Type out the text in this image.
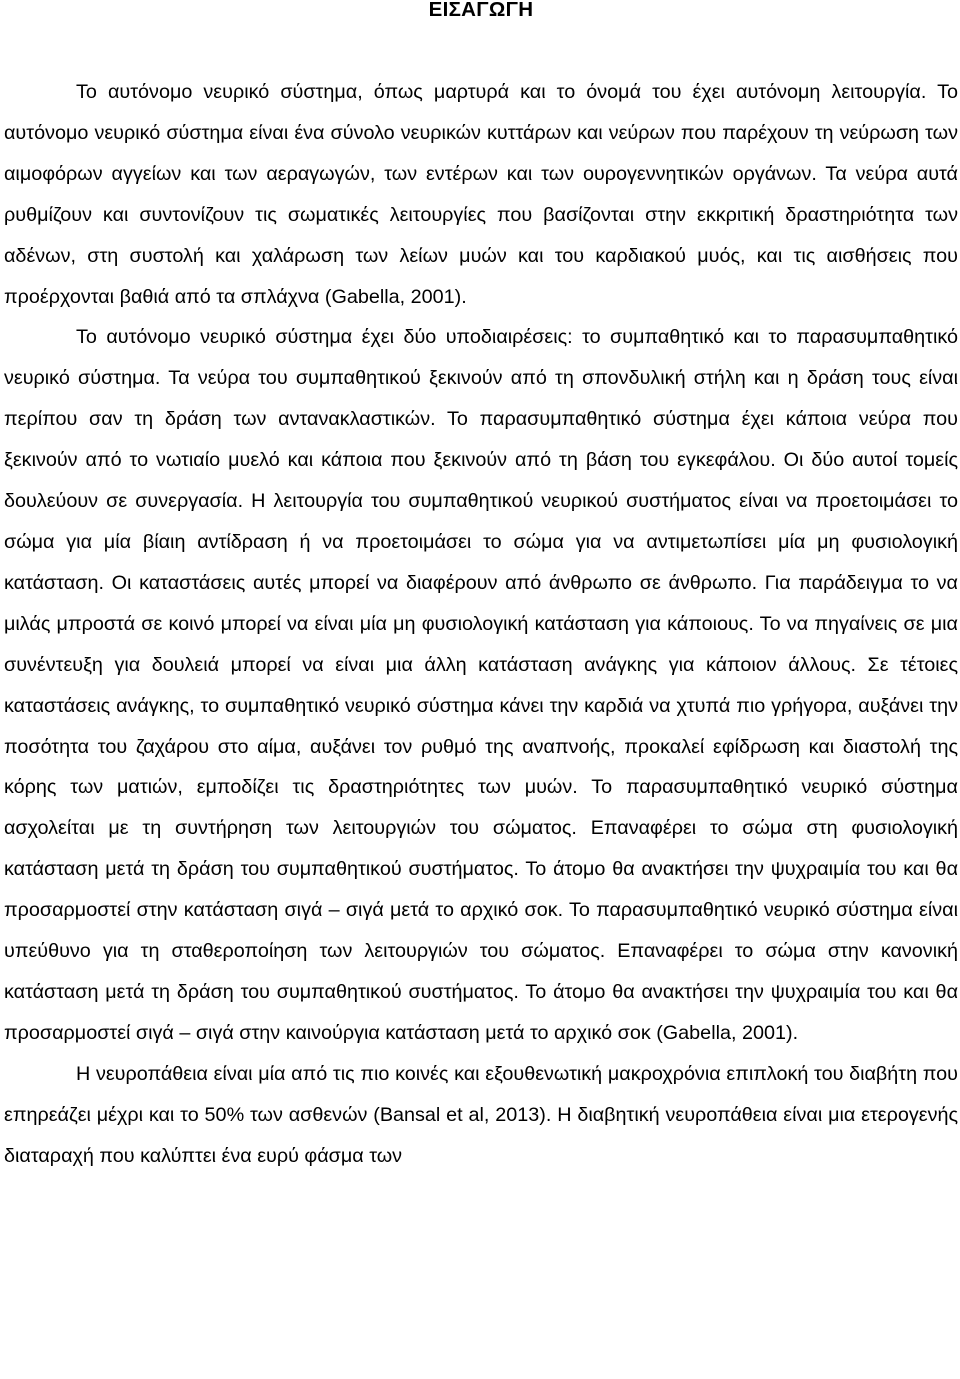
ΕΙΣΑΓΩΓΗ

Το αυτόνομο νευρικό σύστημα, όπως μαρτυρά και το όνομά του έχει αυτόνομη λειτουργία. Το αυτόνομο νευρικό σύστημα είναι ένα σύνολο νευρικών κυττάρων και νεύρων που παρέχουν τη νεύρωση των αιμοφόρων αγγείων και των αεραγωγών, των εντέρων και των ουρογεννητικών οργάνων. Τα νεύρα αυτά ρυθμίζουν και συντονίζουν τις σωματικές λειτουργίες που βασίζονται στην εκκριτική δραστηριότητα των αδένων, στη συστολή και χαλάρωση των λείων μυών και του καρδιακού μυός, και τις αισθήσεις που προέρχονται βαθιά από τα σπλάχνα (Gabella, 2001).

Το αυτόνομο νευρικό σύστημα έχει δύο υποδιαιρέσεις: το συμπαθητικό και το παρασυμπαθητικό νευρικό σύστημα. Τα νεύρα του συμπαθητικού ξεκινούν από τη σπονδυλική στήλη και η δράση τους είναι περίπου σαν τη δράση των αντανακλαστικών. Το παρασυμπαθητικό σύστημα έχει κάποια νεύρα που ξεκινούν από το νωτιαίο μυελό και κάποια που ξεκινούν από τη βάση του εγκεφάλου. Οι δύο αυτοί τομείς δουλεύουν σε συνεργασία. Η λειτουργία του συμπαθητικού νευρικού συστήματος είναι να προετοιμάσει το σώμα για μία βίαιη αντίδραση ή να προετοιμάσει το σώμα για να αντιμετωπίσει μία μη φυσιολογική κατάσταση. Οι καταστάσεις αυτές μπορεί να διαφέρουν από άνθρωπο σε άνθρωπο. Για παράδειγμα το να μιλάς μπροστά σε κοινό μπορεί να είναι μία μη φυσιολογική κατάσταση για κάποιους. Το να πηγαίνεις σε μια συνέντευξη για δουλειά μπορεί να είναι μια άλλη κατάσταση ανάγκης για κάποιον άλλους. Σε τέτοιες καταστάσεις ανάγκης, το συμπαθητικό νευρικό σύστημα κάνει την καρδιά να χτυπά πιο γρήγορα, αυξάνει την ποσότητα του ζαχάρου στο αίμα, αυξάνει τον ρυθμό της αναπνοής, προκαλεί εφίδρωση και διαστολή της κόρης των ματιών, εμποδίζει τις δραστηριότητες των μυών. Το παρασυμπαθητικό νευρικό σύστημα ασχολείται με τη συντήρηση των λειτουργιών του σώματος. Επαναφέρει το σώμα στη φυσιολογική κατάσταση μετά τη δράση του συμπαθητικού συστήματος. Το άτομο θα ανακτήσει την ψυχραιμία του και θα προσαρμοστεί στην κατάσταση σιγά – σιγά μετά το αρχικό σοκ. Το παρασυμπαθητικό νευρικό σύστημα είναι υπεύθυνο για τη σταθεροποίηση των λειτουργιών του σώματος. Επαναφέρει το σώμα στην κανονική κατάσταση μετά τη δράση του συμπαθητικού συστήματος. Το άτομο θα ανακτήσει την ψυχραιμία του και θα προσαρμοστεί σιγά – σιγά στην καινούργια κατάσταση μετά το αρχικό σοκ (Gabella, 2001).

Η νευροπάθεια είναι μία από τις πιο κοινές και εξουθενωτική μακροχρόνια επιπλοκή του διαβήτη που επηρεάζει μέχρι και το 50% των ασθενών (Bansal et al, 2013). Η διαβητική νευροπάθεια είναι μια ετερογενής διαταραχή που καλύπτει ένα ευρύ φάσμα των
